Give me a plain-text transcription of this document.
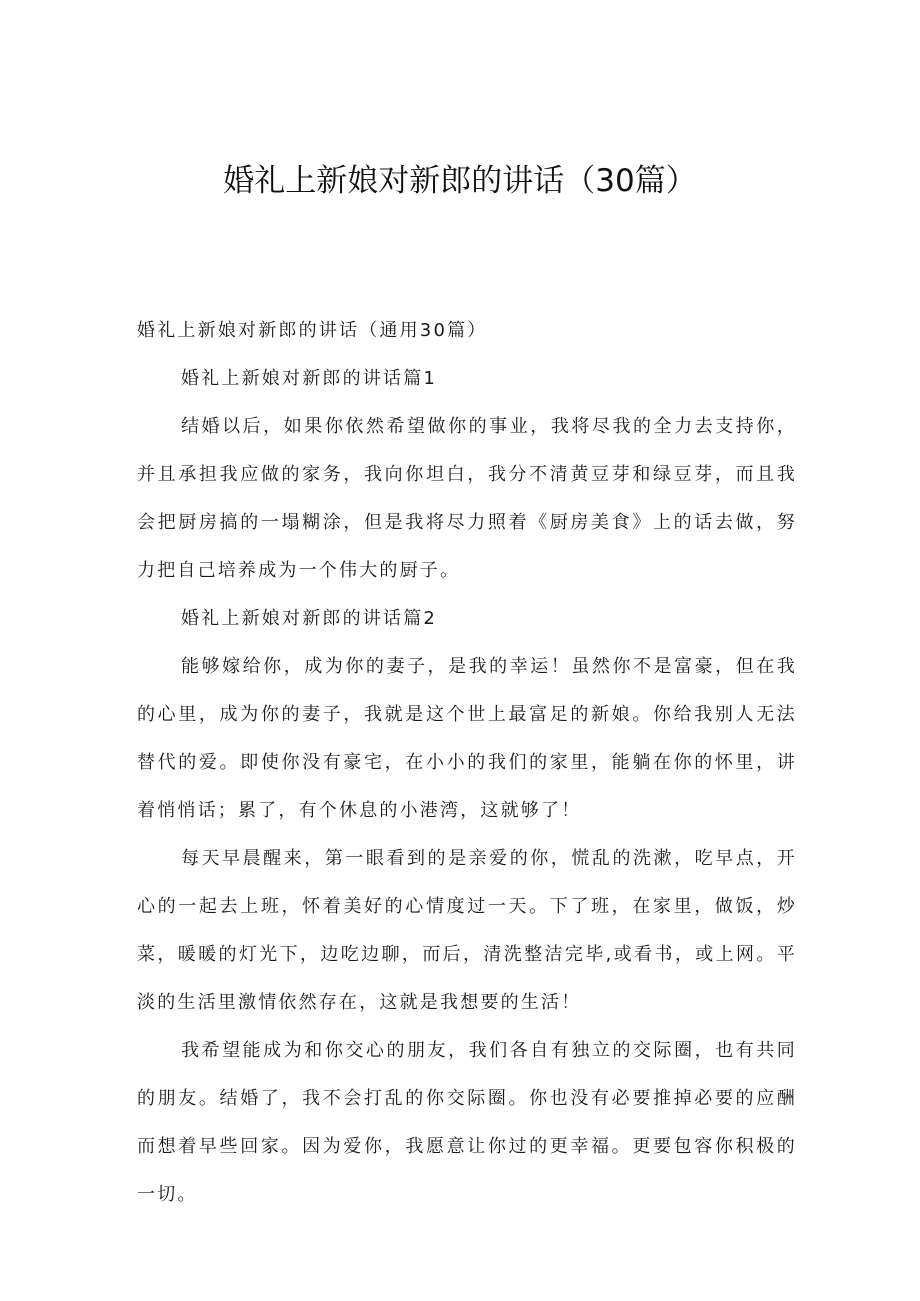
婚礼上新娘对新郎的讲话（30篇）

婚礼上新娘对新郎的讲话（通用30篇）

婚礼上新娘对新郎的讲话篇1

结婚以后，如果你依然希望做你的事业，我将尽我的全力去支持你，并且承担我应做的家务，我向你坦白，我分不清黄豆芽和绿豆芽，而且我会把厨房搞的一塌糊涂，但是我将尽力照着《厨房美食》上的话去做，努力把自己培养成为一个伟大的厨子。

婚礼上新娘对新郎的讲话篇2

能够嫁给你，成为你的妻子，是我的幸运！虽然你不是富豪，但在我的心里，成为你的妻子，我就是这个世上最富足的新娘。你给我别人无法替代的爱。即使你没有豪宅，在小小的我们的家里，能躺在你的怀里，讲着悄悄话；累了，有个休息的小港湾，这就够了！

每天早晨醒来，第一眼看到的是亲爱的你，慌乱的洗漱，吃早点，开心的一起去上班，怀着美好的心情度过一天。下了班，在家里，做饭，炒菜，暖暖的灯光下，边吃边聊，而后，清洗整洁完毕,或看书，或上网。平淡的生活里激情依然存在，这就是我想要的生活！

我希望能成为和你交心的朋友，我们各自有独立的交际圈，也有共同的朋友。结婚了，我不会打乱的你交际圈。你也没有必要推掉必要的应酬而想着早些回家。因为爱你，我愿意让你过的更幸福。更要包容你积极的一切。
